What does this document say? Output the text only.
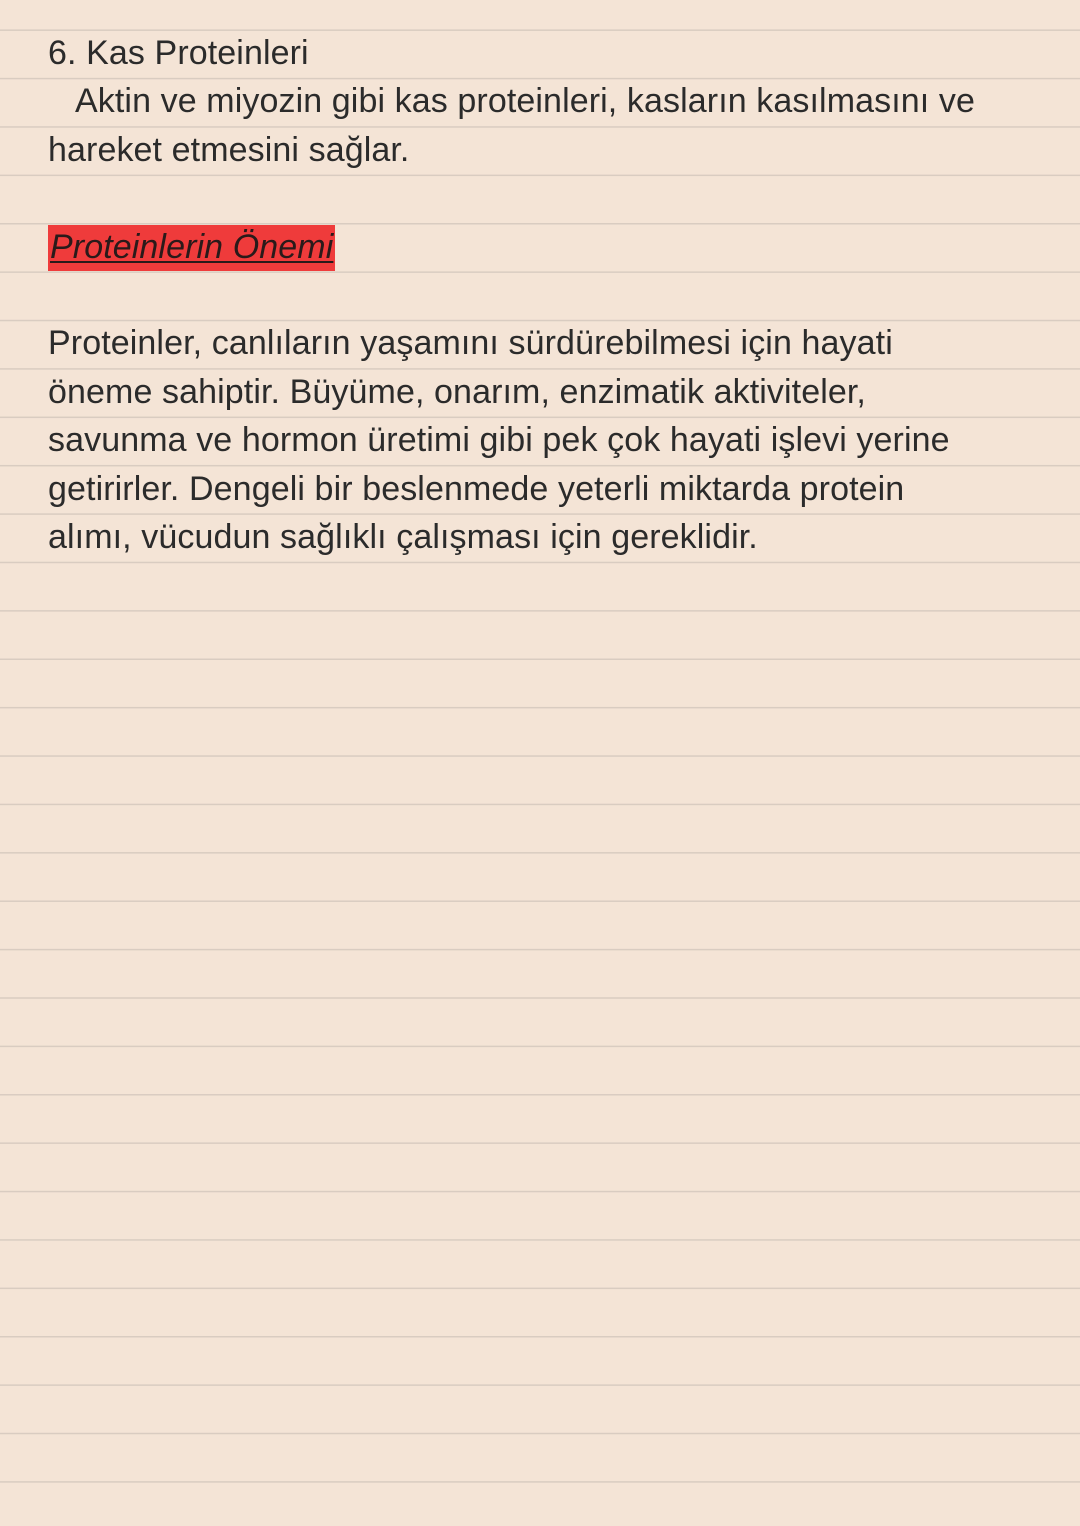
6. Kas Proteinleri
Aktin ve miyozin gibi kas proteinleri, kasların kasılmasını ve
hareket etmesini sağlar.
Proteinlerin Önemi
Proteinler, canlıların yaşamını sürdürebilmesi için hayati
öneme sahiptir. Büyüme, onarım, enzimatik aktiviteler,
savunma ve hormon üretimi gibi pek çok hayati işlevi yerine
getirirler. Dengeli bir beslenmede yeterli miktarda protein
alımı, vücudun sağlıklı çalışması için gereklidir.
